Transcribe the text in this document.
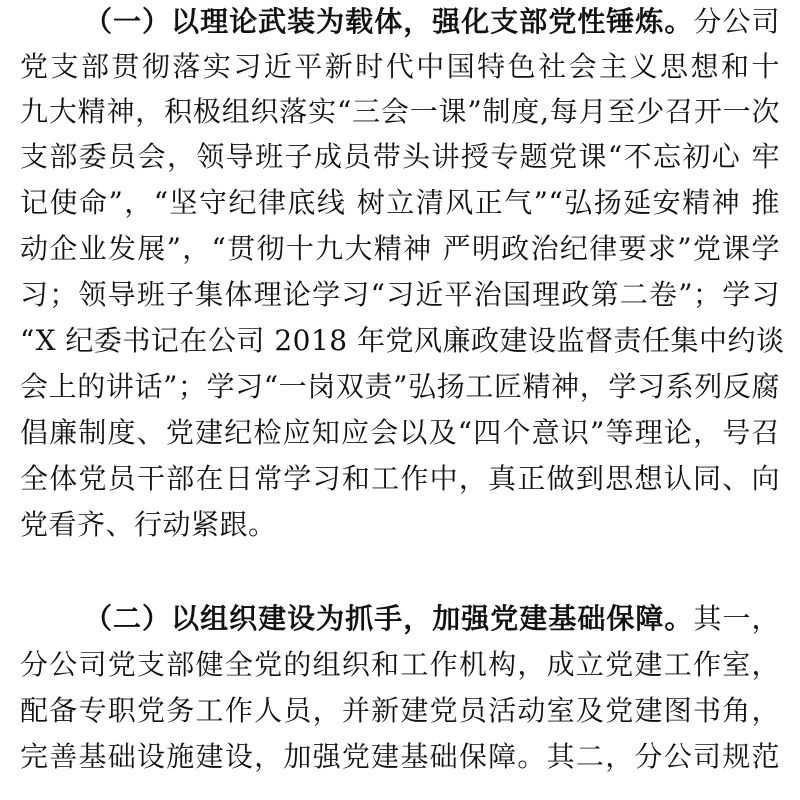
（一）以理论武装为载体，强化支部党性锤炼。分公司
党支部贯彻落实习近平新时代中国特色社会主义思想和十
九大精神，积极组织落实“三会一课”制度,每月至少召开一次
支部委员会，领导班子成员带头讲授专题党课“不忘初心 牢
记使命”，“坚守纪律底线 树立清风正气”“弘扬延安精神 推
动企业发展”，“贯彻十九大精神 严明政治纪律要求”党课学
习；领导班子集体理论学习“习近平治国理政第二卷”；学习
“X 纪委书记在公司 2018 年党风廉政建设监督责任集中约谈
会上的讲话”；学习“一岗双责”弘扬工匠精神，学习系列反腐
倡廉制度、党建纪检应知应会以及“四个意识”等理论，号召
全体党员干部在日常学习和工作中，真正做到思想认同、向
党看齐、行动紧跟。
（二）以组织建设为抓手，加强党建基础保障。其一，
分公司党支部健全党的组织和工作机构，成立党建工作室，
配备专职党务工作人员，并新建党员活动室及党建图书角，
完善基础设施建设，加强党建基础保障。其二，分公司规范
